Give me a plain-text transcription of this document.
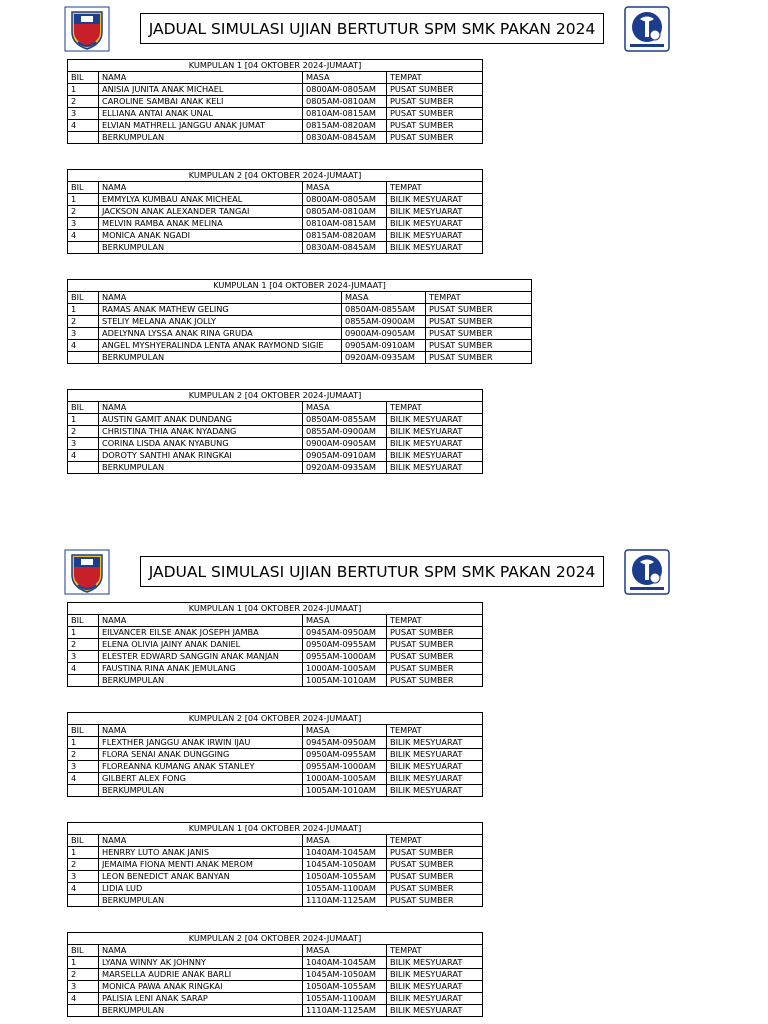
JADUAL SIMULASI UJIAN BERTUTUR SPM SMK PAKAN 2024
KUMPULAN 1 [04 OKTOBER 2024-JUMAAT]			
BIL	NAMA	MASA	TEMPAT
1	ANISIA JUNITA ANAK MICHAEL	0800AM-0805AM	PUSAT SUMBER
2	CAROLINE SAMBAI ANAK KELI	0805AM-0810AM	PUSAT SUMBER
3	ELLIANA ANTAI ANAK UNAL	0810AM-0815AM	PUSAT SUMBER
4	ELVIAN MATHRELL JANGGU ANAK JUMAT	0815AM-0820AM	PUSAT SUMBER
	BERKUMPULAN	0830AM-0845AM	PUSAT SUMBER
KUMPULAN 2 [04 OKTOBER 2024-JUMAAT]			
BIL	NAMA	MASA	TEMPAT
1	EMMYLYA KUMBAU ANAK MICHEAL	0800AM-0805AM	BILIK MESYUARAT
2	JACKSON ANAK ALEXANDER TANGAI	0805AM-0810AM	BILIK MESYUARAT
3	MELVIN RAMBA ANAK MELINA	0810AM-0815AM	BILIK MESYUARAT
4	MONICA ANAK NGADI	0815AM-0820AM	BILIK MESYUARAT
	BERKUMPULAN	0830AM-0845AM	BILIK MESYUARAT
KUMPULAN 1 [04 OKTOBER 2024-JUMAAT]			
BIL	NAMA	MASA	TEMPAT
1	RAMAS ANAK MATHEW GELING	0850AM-0855AM	PUSAT SUMBER
2	STELIY MELANA ANAK JOLLY	0855AM-0900AM	PUSAT SUMBER
3	ADELYNNA LYSSA ANAK RINA GRUDA	0900AM-0905AM	PUSAT SUMBER
4	ANGEL MYSHYERALINDA LENTA ANAK RAYMOND SIGIE	0905AM-0910AM	PUSAT SUMBER
	BERKUMPULAN	0920AM-0935AM	PUSAT SUMBER
KUMPULAN 2 [04 OKTOBER 2024-JUMAAT]			
BIL	NAMA	MASA	TEMPAT
1	AUSTIN GAMIT ANAK DUNDANG	0850AM-0855AM	BILIK MESYUARAT
2	CHRISTINA THIA ANAK NYADANG	0855AM-0900AM	BILIK MESYUARAT
3	CORINA LISDA ANAK NYABUNG	0900AM-0905AM	BILIK MESYUARAT
4	DOROTY SANTHI ANAK RINGKAI	0905AM-0910AM	BILIK MESYUARAT
	BERKUMPULAN	0920AM-0935AM	BILIK MESYUARAT
JADUAL SIMULASI UJIAN BERTUTUR SPM SMK PAKAN 2024
KUMPULAN 1 [04 OKTOBER 2024-JUMAAT]			
BIL	NAMA	MASA	TEMPAT
1	EILVANCER EILSE ANAK JOSEPH JAMBA	0945AM-0950AM	PUSAT SUMBER
2	ELENA OLIVIA JAINY ANAK DANIEL	0950AM-0955AM	PUSAT SUMBER
3	ELESTER EDWARD SANGGIN ANAK MANJAN	0955AM-1000AM	PUSAT SUMBER
4	FAUSTINA RINA ANAK JEMULANG	1000AM-1005AM	PUSAT SUMBER
	BERKUMPULAN	1005AM-1010AM	PUSAT SUMBER
KUMPULAN 2 [04 OKTOBER 2024-JUMAAT]			
BIL	NAMA	MASA	TEMPAT
1	FLEXTHER JANGGU ANAK IRWIN IJAU	0945AM-0950AM	BILIK MESYUARAT
2	FLORA SENAI ANAK DUNGGING	0950AM-0955AM	BILIK MESYUARAT
3	FLOREANNA KUMANG ANAK STANLEY	0955AM-1000AM	BILIK MESYUARAT
4	GILBERT ALEX FONG	1000AM-1005AM	BILIK MESYUARAT
	BERKUMPULAN	1005AM-1010AM	BILIK MESYUARAT
KUMPULAN 1 [04 OKTOBER 2024-JUMAAT]			
BIL	NAMA	MASA	TEMPAT
1	HENRRY LUTO ANAK JANIS	1040AM-1045AM	PUSAT SUMBER
2	JEMAIMA FIONA MENTI ANAK MEROM	1045AM-1050AM	PUSAT SUMBER
3	LEON BENEDICT ANAK BANYAN	1050AM-1055AM	PUSAT SUMBER
4	LIDIA LUD	1055AM-1100AM	PUSAT SUMBER
	BERKUMPULAN	1110AM-1125AM	PUSAT SUMBER
KUMPULAN 2 [04 OKTOBER 2024-JUMAAT]			
BIL	NAMA	MASA	TEMPAT
1	LYANA WINNY AK JOHNNY	1040AM-1045AM	BILIK MESYUARAT
2	MARSELLA AUDRIE ANAK BARLI	1045AM-1050AM	BILIK MESYUARAT
3	MONICA PAWA ANAK RINGKAI	1050AM-1055AM	BILIK MESYUARAT
4	PALISIA LENI ANAK SARAP	1055AM-1100AM	BILIK MESYUARAT
	BERKUMPULAN	1110AM-1125AM	BILIK MESYUARAT
